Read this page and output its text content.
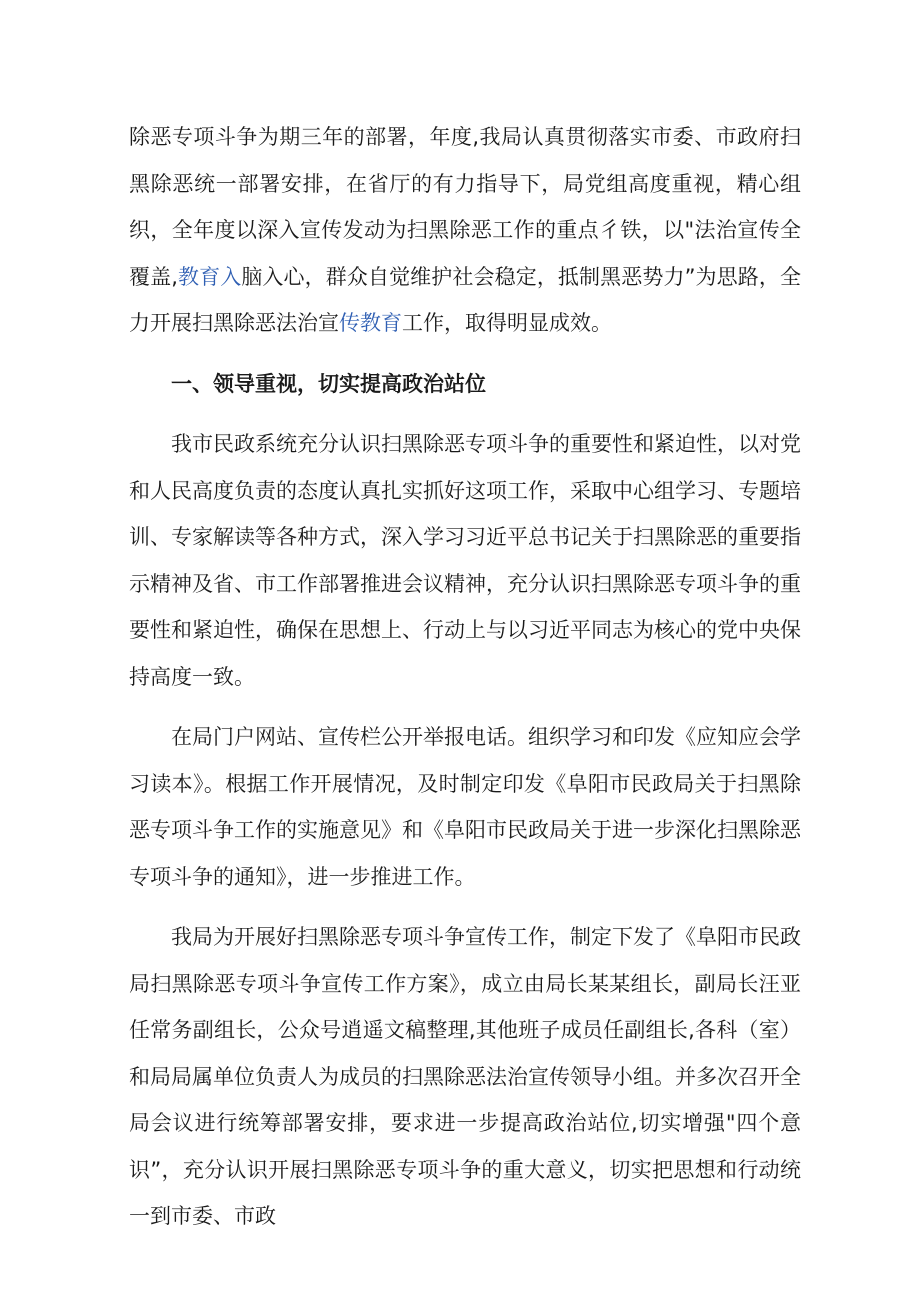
除恶专项斗争为期三年的部署，年度,我局认真贯彻落实市委、市政府扫黑除恶统一部署安排，在省厅的有力指导下，局党组高度重视，精心组织，全年度以深入宣传发动为扫黑除恶工作的重点彳铁，以"法治宣传全覆盖,教育入脑入心，群众自觉维护社会稳定，抵制黑恶势力”为思路，全力开展扫黑除恶法治宣传教育工作，取得明显成效。

一、领导重视，切实提高政治站位

我市民政系统充分认识扫黑除恶专项斗争的重要性和紧迫性，以对党和人民高度负责的态度认真扎实抓好这项工作，采取中心组学习、专题培训、专家解读等各种方式，深入学习习近平总书记关于扫黑除恶的重要指示精神及省、市工作部署推进会议精神，充分认识扫黑除恶专项斗争的重要性和紧迫性，确保在思想上、行动上与以习近平同志为核心的党中央保持高度一致。

在局门户网站、宣传栏公开举报电话。组织学习和印发《应知应会学习读本》。根据工作开展情况，及时制定印发《阜阳市民政局关于扫黑除恶专项斗争工作的实施意见》和《阜阳市民政局关于进一步深化扫黑除恶专项斗争的通知》，进一步推进工作。

我局为开展好扫黑除恶专项斗争宣传工作，制定下发了《阜阳市民政局扫黑除恶专项斗争宣传工作方案》，成立由局长某某组长，副局长汪亚任常务副组长，公众号逍遥文稿整理,其他班子成员任副组长,各科（室）和局局属单位负责人为成员的扫黑除恶法治宣传领导小组。并多次召开全局会议进行统筹部署安排，要求进一步提高政治站位,切实增强"四个意识”，充分认识开展扫黑除恶专项斗争的重大意义，切实把思想和行动统一到市委、市政
